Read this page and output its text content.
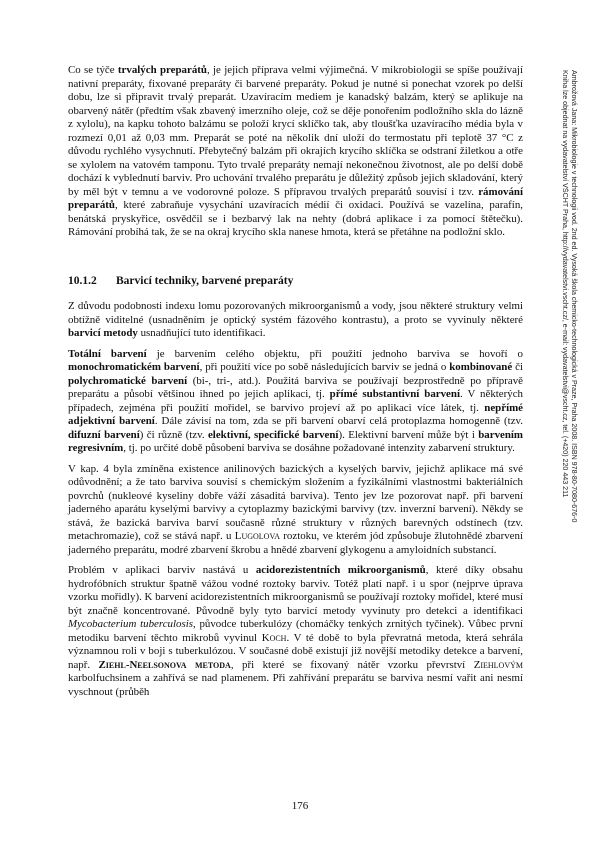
Ambrožová Jana: Mikrobiologie v technologii vod. 2nd ed. Vysoká škola chemicko-technologická v Praze, Praha 2008. ISBN 978-80-7080-676-0
Kniha lze objednat na vydavatelství VŠCHT Praha, http://vydavatelstvi.vscht.cz/, e-mail: vydavatelstvi@vscht.cz, tel. (+420) 220 443 211

Co se týče trvalých preparátů, je jejich příprava velmi výjimečná. V mikrobiologii se spíše používají nativní preparáty, fixované preparáty či barvené preparáty. Pokud je nutné si ponechat vzorek po delší dobu, lze si připravit trvalý preparát. Uzavíracím mediem je kanadský balzám, který se aplikuje na obarvený nátěr (předtím však zbavený imerzního oleje, což se děje ponořením podložního skla do lázně z xylolu), na kapku tohoto balzámu se položí krycí sklíčko tak, aby tloušťka uzavíracího média byla v rozmezí 0,01 až 0,03 mm. Preparát se poté na několik dní uloží do termostatu při teplotě 37 °C z důvodu rychlého vysychnutí. Přebytečný balzám při okrajích krycího sklíčka se odstraní žiletkou a otře se xylolem na vatovém tamponu. Tyto trvalé preparáty nemají nekonečnou životnost, ale po delší době dochází k vyblednutí barviv. Pro uchování trvalého preparátu je důležitý způsob jejich skladování, který by měl být v temnu a ve vodorovné poloze. S přípravou trvalých preparátů souvisí i tzv. rámování preparátů, které zabraňuje vysychání uzavíracích médií či oxidaci. Používá se vazelína, parafín, benátská pryskyřice, osvědčil se i bezbarvý lak na nehty (dobrá aplikace i za pomocí štětečku). Rámování probíhá tak, že se na okraj krycího skla nanese hmota, která se přetáhne na podložní sklo.

10.1.2	Barvicí techniky, barvené preparáty

Z důvodu podobnosti indexu lomu pozorovaných mikroorganismů a vody, jsou některé struktury velmi obtížně viditelné (usnadněním je optický systém fázového kontrastu), a proto se vyvinuly některé barvicí metody usnadňující tuto identifikaci.

Totální barvení je barvením celého objektu, při použití jednoho barviva se hovoří o monochromatickém barvení, při použití více po sobě následujících barviv se jedná o kombinované či polychromatické barvení (bi-, tri-, atd.). Použitá barviva se používají bezprostředně po přípravě preparátu a působí většinou ihned po jejich aplikaci, tj. přímé substantivní barvení. V některých případech, zejména při použití mořidel, se barvivo projeví až po aplikaci více látek, tj. nepřímé adjektivní barvení. Dále závisí na tom, zda se při barvení obarví celá protoplazma homogenně (tzv. difuzní barvení) či různě (tzv. elektivní, specifické barvení). Elektivní barvení může být i barvením regresivním, tj. po určité době působení barviva se dosáhne požadované intenzity zabarvení struktury.

V kap. 4 byla zmíněna existence anilinových bazických a kyselých barviv, jejichž aplikace má své odůvodnění; a že tato barviva souvisí s chemickým složením a fyzikálními vlastnostmi bakteriálních povrchů (nukleové kyseliny dobře váží zásaditá barviva). Tento jev lze pozorovat např. při barvení jaderného aparátu kyselými barvivy a cytoplazmy bazickými barvivy (tzv. inverzní barvení). Někdy se stává, že bazická barviva barví současně různé struktury v různých barevných odstínech (tzv. metachromazie), což se stává např. u Lugolova roztoku, ve kterém jód způsobuje žlutohnědé zbarvení jaderného preparátu, modré zbarvení škrobu a hnědé zbarvení glykogenu a amyloidních substancí.

Problém v aplikaci barviv nastává u acidorezistentních mikroorganismů, které díky obsahu hydrofóbních struktur špatně vážou vodné roztoky barviv. Totéž platí např. i u spor (nejprve úprava vzorku mořidly). K barvení acidorezistentních mikroorganismů se používají roztoky mořidel, které musí být značně koncentrované. Původně byly tyto barvicí metody vyvinuty pro detekci a identifikaci Mycobacterium tuberculosis, původce tuberkulózy (chomáčky tenkých zrnitých tyčinek). Vůbec první metodiku barvení těchto mikrobů vyvinul Koch. V té době to byla převratná metoda, která sehrála významnou roli v boji s tuberkulózou. V současné době existují již novější metodiky detekce a barvení, např. Ziehl-Neelsonova metoda, při které se fixovaný nátěr vzorku převrství Ziehlovým karbolfuchsinem a zahřívá se nad plamenem. Při zahřívání preparátu se barviva nesmí vařit ani nesmí vyschnout (průběh

176
